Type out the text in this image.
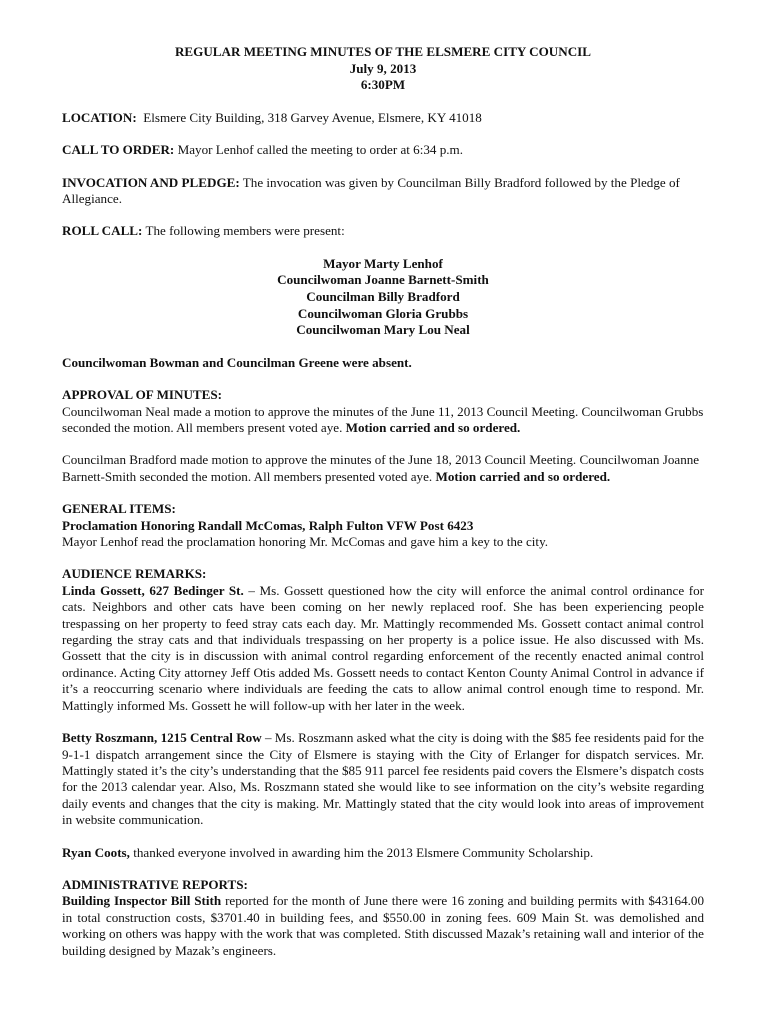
REGULAR MEETING MINUTES OF THE ELSMERE CITY COUNCIL
July 9, 2013
6:30PM

LOCATION: Elsmere City Building, 318 Garvey Avenue, Elsmere, KY 41018

CALL TO ORDER: Mayor Lenhof called the meeting to order at 6:34 p.m.

INVOCATION AND PLEDGE: The invocation was given by Councilman Billy Bradford followed by the Pledge of Allegiance.

ROLL CALL: The following members were present:

Mayor Marty Lenhof
Councilwoman Joanne Barnett-Smith
Councilman Billy Bradford
Councilwoman Gloria Grubbs
Councilwoman Mary Lou Neal

Councilwoman Bowman and Councilman Greene were absent.

APPROVAL OF MINUTES:

Councilwoman Neal made a motion to approve the minutes of the June 11, 2013 Council Meeting. Councilwoman Grubbs seconded the motion. All members present voted aye. Motion carried and so ordered.

Councilman Bradford made motion to approve the minutes of the June 18, 2013 Council Meeting. Councilwoman Joanne Barnett-Smith seconded the motion. All members presented voted aye. Motion carried and so ordered.

GENERAL ITEMS:
Proclamation Honoring Randall McComas, Ralph Fulton VFW Post 6423

Mayor Lenhof read the proclamation honoring Mr. McComas and gave him a key to the city.

AUDIENCE REMARKS:

Linda Gossett, 627 Bedinger St. – Ms. Gossett questioned how the city will enforce the animal control ordinance for cats. Neighbors and other cats have been coming on her newly replaced roof. She has been experiencing people trespassing on her property to feed stray cats each day. Mr. Mattingly recommended Ms. Gossett contact animal control regarding the stray cats and that individuals trespassing on her property is a police issue. He also discussed with Ms. Gossett that the city is in discussion with animal control regarding enforcement of the recently enacted animal control ordinance. Acting City attorney Jeff Otis added Ms. Gossett needs to contact Kenton County Animal Control in advance if it’s a reoccurring scenario where individuals are feeding the cats to allow animal control enough time to respond. Mr. Mattingly informed Ms. Gossett he will follow-up with her later in the week.

Betty Roszmann, 1215 Central Row – Ms. Roszmann asked what the city is doing with the $85 fee residents paid for the 9-1-1 dispatch arrangement since the City of Elsmere is staying with the City of Erlanger for dispatch services. Mr. Mattingly stated it’s the city’s understanding that the $85 911 parcel fee residents paid covers the Elsmere’s dispatch costs for the 2013 calendar year. Also, Ms. Roszmann stated she would like to see information on the city’s website regarding daily events and changes that the city is making. Mr. Mattingly stated that the city would look into areas of improvement in website communication.

Ryan Coots, thanked everyone involved in awarding him the 2013 Elsmere Community Scholarship.

ADMINISTRATIVE REPORTS:

Building Inspector Bill Stith reported for the month of June there were 16 zoning and building permits with $43164.00 in total construction costs, $3701.40 in building fees, and $550.00 in zoning fees. 609 Main St. was demolished and working on others was happy with the work that was completed. Stith discussed Mazak’s retaining wall and interior of the building designed by Mazak’s engineers.
